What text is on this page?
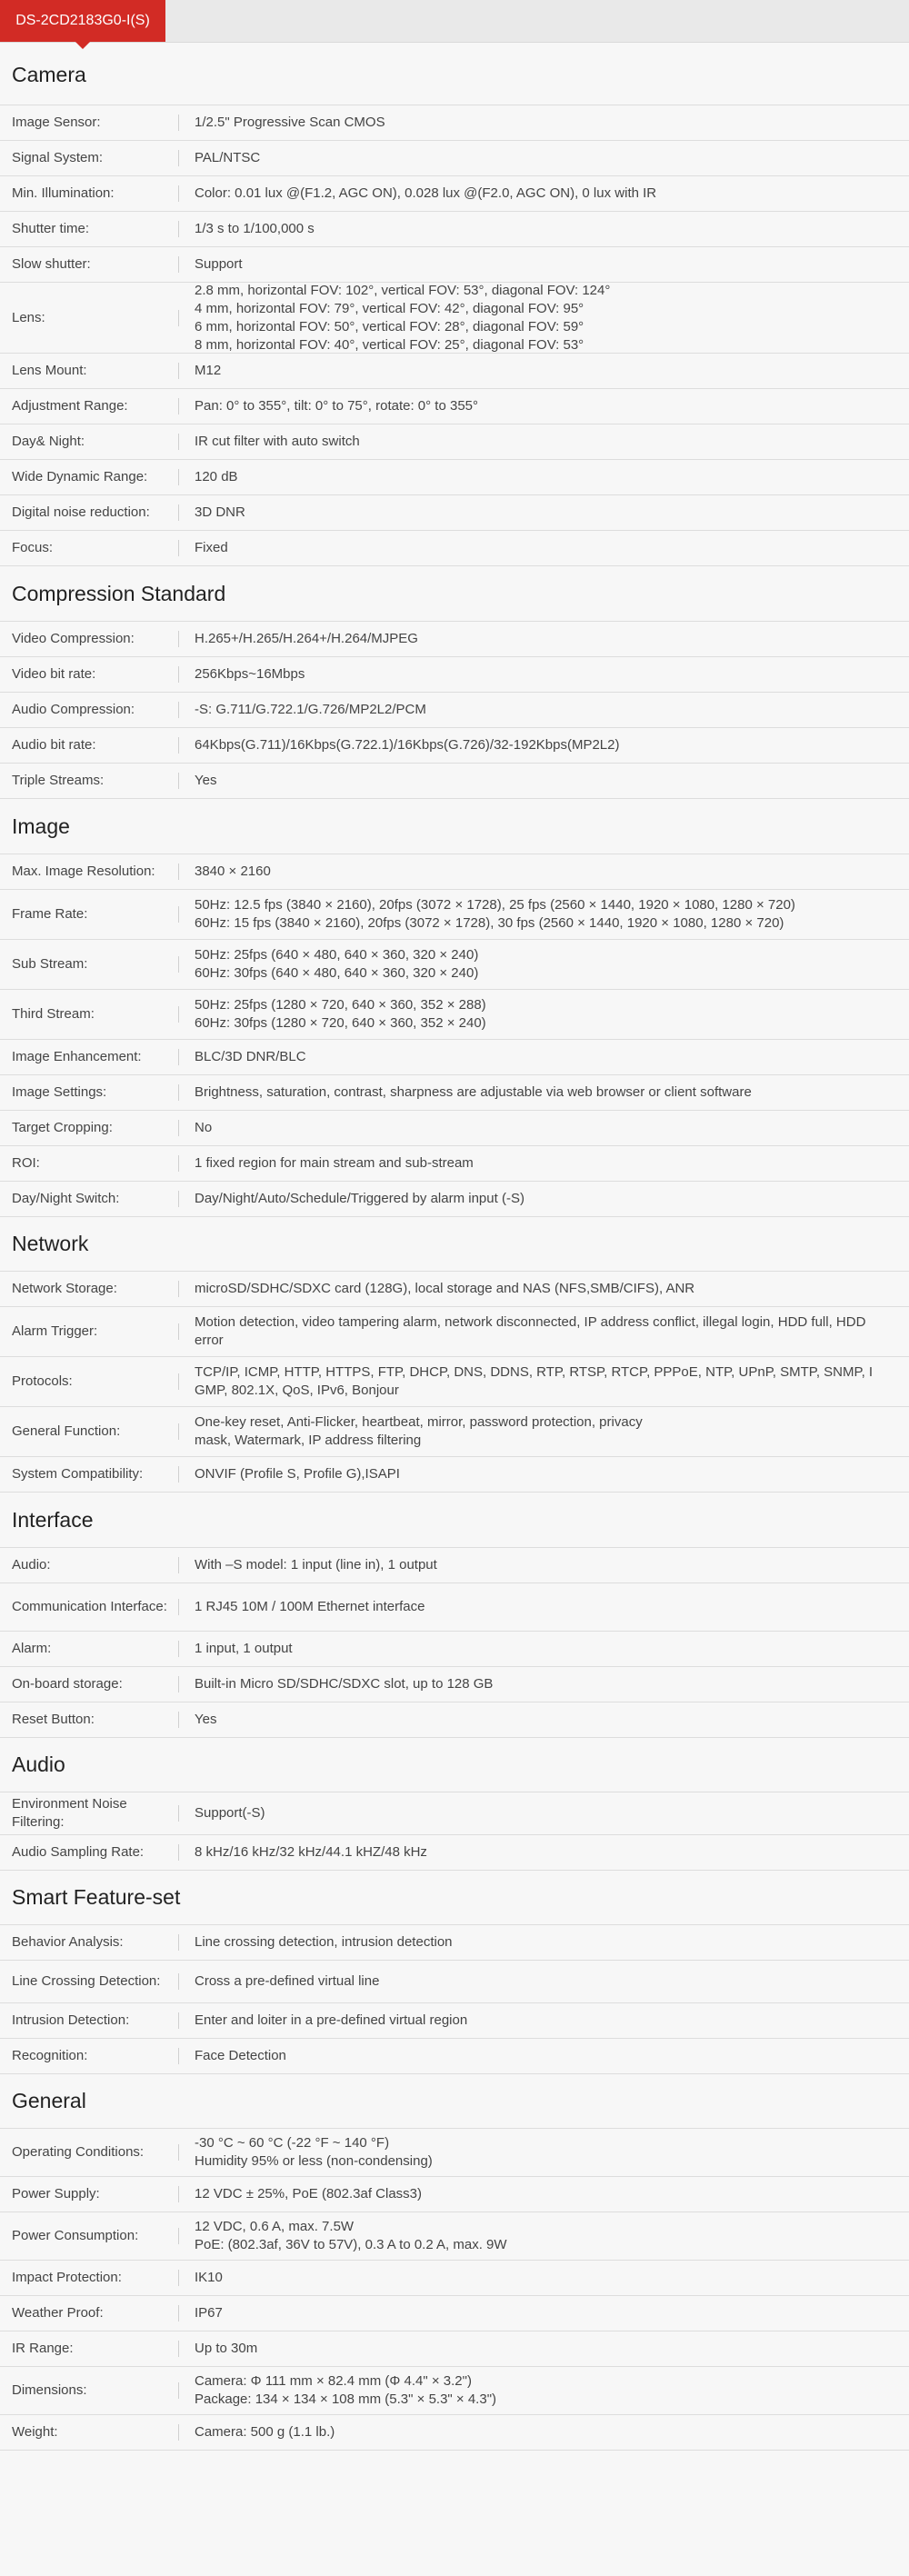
DS-2CD2183G0-I(S)
Camera
Image Sensor:	1/2.5" Progressive Scan CMOS
Signal System:	PAL/NTSC
Min. Illumination:	Color: 0.01 lux @(F1.2, AGC ON), 0.028 lux @(F2.0, AGC ON), 0 lux with IR
Shutter time:	1/3 s to 1/100,000 s
Slow shutter:	Support
Lens:
2.8 mm, horizontal FOV: 102°, vertical FOV: 53°, diagonal FOV: 124°
4 mm, horizontal FOV: 79°, vertical FOV: 42°, diagonal FOV: 95°
6 mm, horizontal FOV: 50°, vertical FOV: 28°, diagonal FOV: 59°
8 mm, horizontal FOV: 40°, vertical FOV: 25°, diagonal FOV: 53°
Lens Mount:	M12
Adjustment Range:	Pan: 0° to 355°, tilt: 0° to 75°, rotate: 0° to 355°
Day& Night:	IR cut filter with auto switch
Wide Dynamic Range:	120 dB
Digital noise reduction:	3D DNR
Focus:	Fixed
Compression Standard
Video Compression:	H.265+/H.265/H.264+/H.264/MJPEG
Video bit rate:	256Kbps~16Mbps
Audio Compression:	-S: G.711/G.722.1/G.726/MP2L2/PCM
Audio bit rate:	64Kbps(G.711)/16Kbps(G.722.1)/16Kbps(G.726)/32-192Kbps(MP2L2)
Triple Streams:	Yes
Image
Max. Image Resolution:	3840 × 2160
Frame Rate:
50Hz: 12.5 fps (3840 × 2160), 20fps (3072 × 1728), 25 fps (2560 × 1440, 1920 × 1080, 1280 × 720)
60Hz: 15 fps (3840 × 2160), 20fps (3072 × 1728), 30 fps (2560 × 1440, 1920 × 1080, 1280 × 720)
Sub Stream:
50Hz: 25fps (640 × 480, 640 × 360, 320 × 240)
60Hz: 30fps (640 × 480, 640 × 360, 320 × 240)
Third Stream:
50Hz: 25fps (1280 × 720, 640 × 360, 352 × 288)
60Hz: 30fps (1280 × 720, 640 × 360, 352 × 240)
Image Enhancement:	BLC/3D DNR/BLC
Image Settings:	Brightness, saturation, contrast, sharpness are adjustable via web browser or client software
Target Cropping:	No
ROI:	1 fixed region for main stream and sub-stream
Day/Night Switch:	Day/Night/Auto/Schedule/Triggered by alarm input (-S)
Network
Network Storage:	microSD/SDHC/SDXC card (128G), local storage and NAS (NFS,SMB/CIFS), ANR
Alarm Trigger:
Motion detection, video tampering alarm, network disconnected, IP address conflict, illegal login, HDD full, HDD
error
Protocols:
TCP/IP, ICMP, HTTP, HTTPS, FTP, DHCP, DNS, DDNS, RTP, RTSP, RTCP, PPPoE, NTP, UPnP, SMTP, SNMP, I
GMP, 802.1X, QoS, IPv6, Bonjour
General Function:
One-key reset, Anti-Flicker, heartbeat, mirror, password protection, privacy
mask, Watermark, IP address filtering
System Compatibility:	ONVIF (Profile S, Profile G),ISAPI
Interface
Audio:	With –S model: 1 input (line in), 1 output
Communication Interface:	1 RJ45 10M / 100M Ethernet interface
Alarm:	1 input, 1 output
On-board storage:	Built-in Micro SD/SDHC/SDXC slot, up to 128 GB
Reset Button:	Yes
Audio
Environment Noise Filtering:
Support(-S)
Audio Sampling Rate:	8 kHz/16 kHz/32 kHz/44.1 kHZ/48 kHz
Smart Feature-set
Behavior Analysis:	Line crossing detection, intrusion detection
Line Crossing Detection:	Cross a pre-defined virtual line
Intrusion Detection:	Enter and loiter in a pre-defined virtual region
Recognition:	Face Detection
General
Operating Conditions:
-30 °C ~ 60 °C (-22 °F ~ 140 °F)
Humidity 95% or less (non-condensing)
Power Supply:	12 VDC ± 25%, PoE (802.3af Class3)
Power Consumption:
12 VDC, 0.6 A, max. 7.5W
PoE: (802.3af, 36V to 57V), 0.3 A to 0.2 A, max. 9W
Impact Protection:	IK10
Weather Proof:	IP67
IR Range:	Up to 30m
Dimensions:
Camera: Φ 111 mm × 82.4 mm (Φ 4.4" × 3.2")
Package: 134 × 134 × 108 mm (5.3" × 5.3" × 4.3")
Weight:	Camera: 500 g (1.1 lb.)
